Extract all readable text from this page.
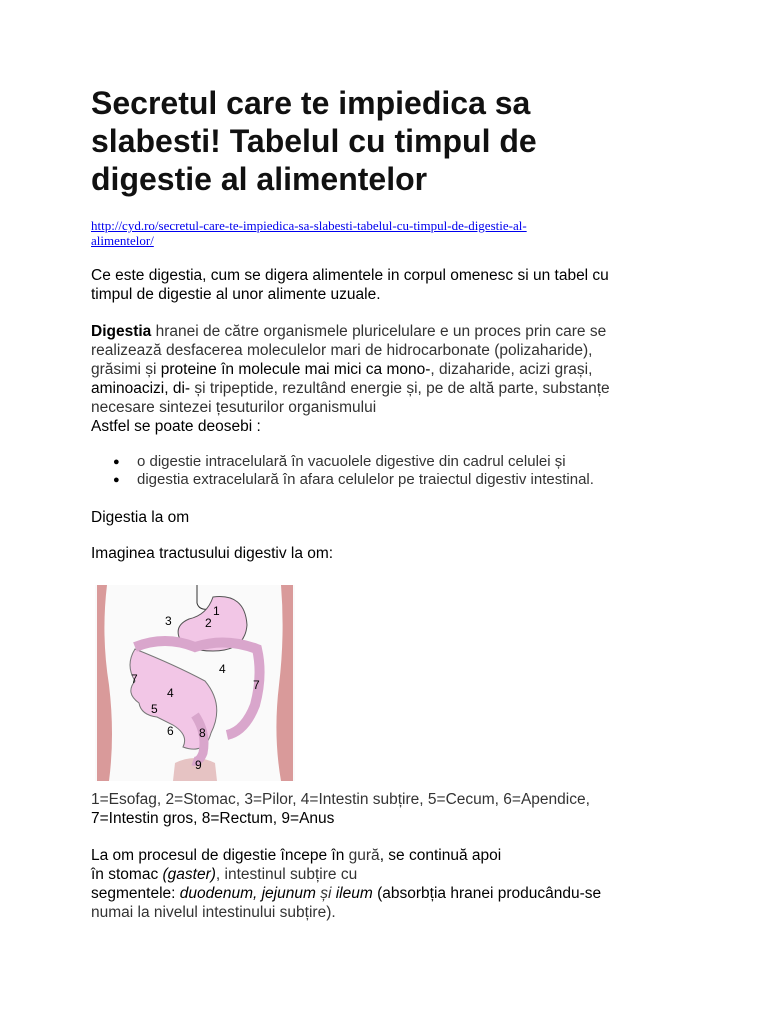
Secretul care te impiedica sa
slabesti! Tabelul cu timpul de
digestie al alimentelor
http://cyd.ro/secretul-care-te-impiedica-sa-slabesti-tabelul-cu-timpul-de-digestie-al-
alimentelor/

Ce este digestia, cum se digera alimentele in corpul omenesc si un tabel cu
timpul de digestie al unor alimente uzuale.

Digestia hranei de către organismele pluricelulare e un proces prin care se
realizează desfacerea moleculelor mari de hidrocarbonate (polizaharide),
grăsimi și proteine în molecule mai mici ca mono-, dizaharide, acizi grași,
aminoacizi, di- și tripeptide, rezultând energie și, pe de altă parte, substanțe
necesare sintezei țesuturilor organismului
Astfel se poate deosebi :

● o digestie intracelulară în vacuolele digestive din cadrul celulei și
● digestia extracelulară în afara celulelor pe traiectul digestiv intestinal.

Digestia la om

Imaginea tractusului digestiv la om:

1=Esofag, 2=Stomac, 3=Pilor, 4=Intestin subțire, 5=Cecum, 6=Apendice,
7=Intestin gros, 8=Rectum, 9=Anus

La om procesul de digestie începe în gură, se continuă apoi
în stomac (gaster), intestinul subțire cu
segmentele: duodenum, jejunum și ileum (absorbția hranei producându-se
numai la nivelul intestinului subțire).

1
2
3
4
4
5
6
7	7
8
9
